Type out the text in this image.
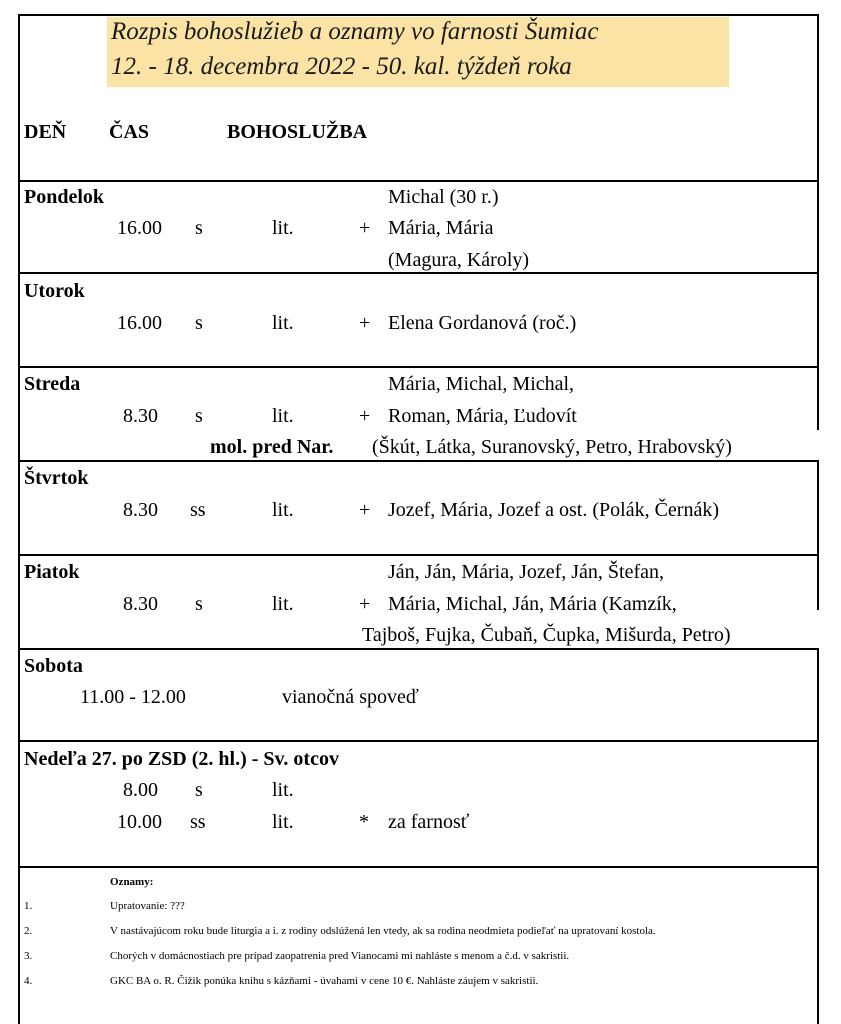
Rozpis bohoslužieb a oznamy vo farnosti Šumiac
12. - 18. decembra 2022 - 50. kal. týždeň roka
DEŇ ČAS	BOHOSLUŽBA
Pondelok	Michal (30 r.)
16.00 s	lit.	+ Mária, Mária
(Magura, Károly)
Utorok
16.00 s	lit.	+ Elena Gordanová (roč.)
Streda	Mária, Michal, Michal,
8.30 s	lit.	+ Roman, Mária, Ľudovít
mol. pred Nar. (Škút, Látka, Suranovský, Petro, Hrabovský)
Štvrtok
8.30 ss	lit.	+ Jozef, Mária, Jozef a ost. (Polák, Černák)
Piatok	Ján, Ján, Mária, Jozef, Ján, Štefan,
8.30 s	lit.	+ Mária, Michal, Ján, Mária (Kamzík,
Tajboš, Fujka, Čubaň, Čupka, Mišurda, Petro)
Sobota
11.00 - 12.00	vianočná spoveď
Nedeľa 27. po ZSD (2. hl.) - Sv. otcov
8.00 s	lit.
10.00 ss	lit.	* za farnosť
Oznamy:
1.	Upratovanie: ???
2.	V nastávajúcom roku bude liturgia a i. z rodiny odslúžená len vtedy, ak sa rodina neodmieta podieľať na upratovaní kostola.
3.	Chorých v domácnostiach pre prípad zaopatrenia pred Vianocami mi nahláste s menom a č.d. v sakristii.
4.	GKC BA o. R. Čižik ponúka knihu s kázňami - úvahami v cene 10 €. Nahláste záujem v sakristii.
